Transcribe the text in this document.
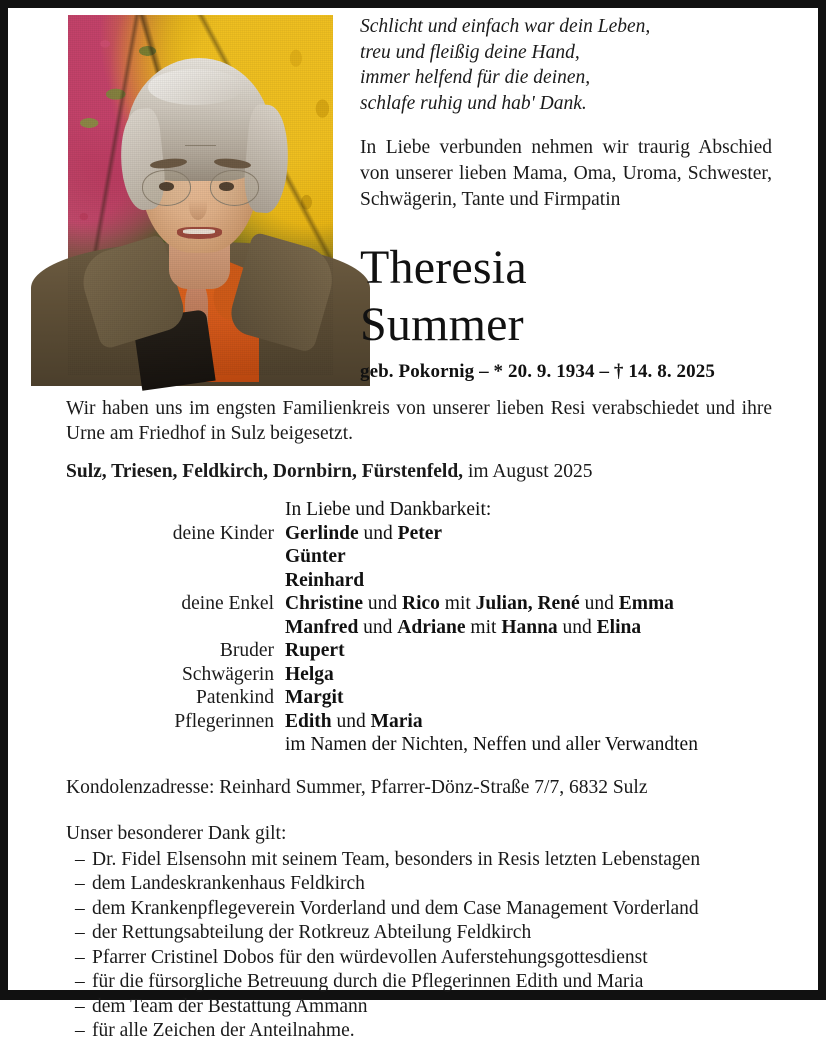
Schlicht und einfach war dein Leben,
treu und fleißig deine Hand,
immer helfend für die deinen,
schlafe ruhig und hab' Dank.
In Liebe verbunden nehmen wir traurig Abschied von unserer lieben Mama, Oma, Uroma, Schwester, Schwägerin, Tante und Firmpatin
Theresia
Summer
geb. Pokornig – * 20. 9. 1934 – † 14. 8. 2025
Wir haben uns im engsten Familienkreis von unserer lieben Resi verabschiedet und ihre Urne am Friedhof in Sulz beigesetzt.
Sulz, Triesen, Feldkirch, Dornbirn, Fürstenfeld, im August 2025
	In Liebe und Dankbarkeit:
deine Kinder	Gerlinde und Peter
	Günter
	Reinhard
deine Enkel	Christine und Rico mit Julian, René und Emma
	Manfred und Adriane mit Hanna und Elina
Bruder	Rupert
Schwägerin	Helga
Patenkind	Margit
Pflegerinnen	Edith und Maria
	im Namen der Nichten, Neffen und aller Verwandten
Kondolenzadresse: Reinhard Summer, Pfarrer-Dönz-Straße 7/7, 6832 Sulz
Unser besonderer Dank gilt:
– Dr. Fidel Elsensohn mit seinem Team, besonders in Resis letzten Lebenstagen
– dem Landeskrankenhaus Feldkirch
– dem Krankenpflegeverein Vorderland und dem Case Management Vorderland
– der Rettungsabteilung der Rotkreuz Abteilung Feldkirch
– Pfarrer Cristinel Dobos für den würdevollen Auferstehungsgottesdienst
– für die fürsorgliche Betreuung durch die Pflegerinnen Edith und Maria
– dem Team der Bestattung Ammann
– für alle Zeichen der Anteilnahme.
